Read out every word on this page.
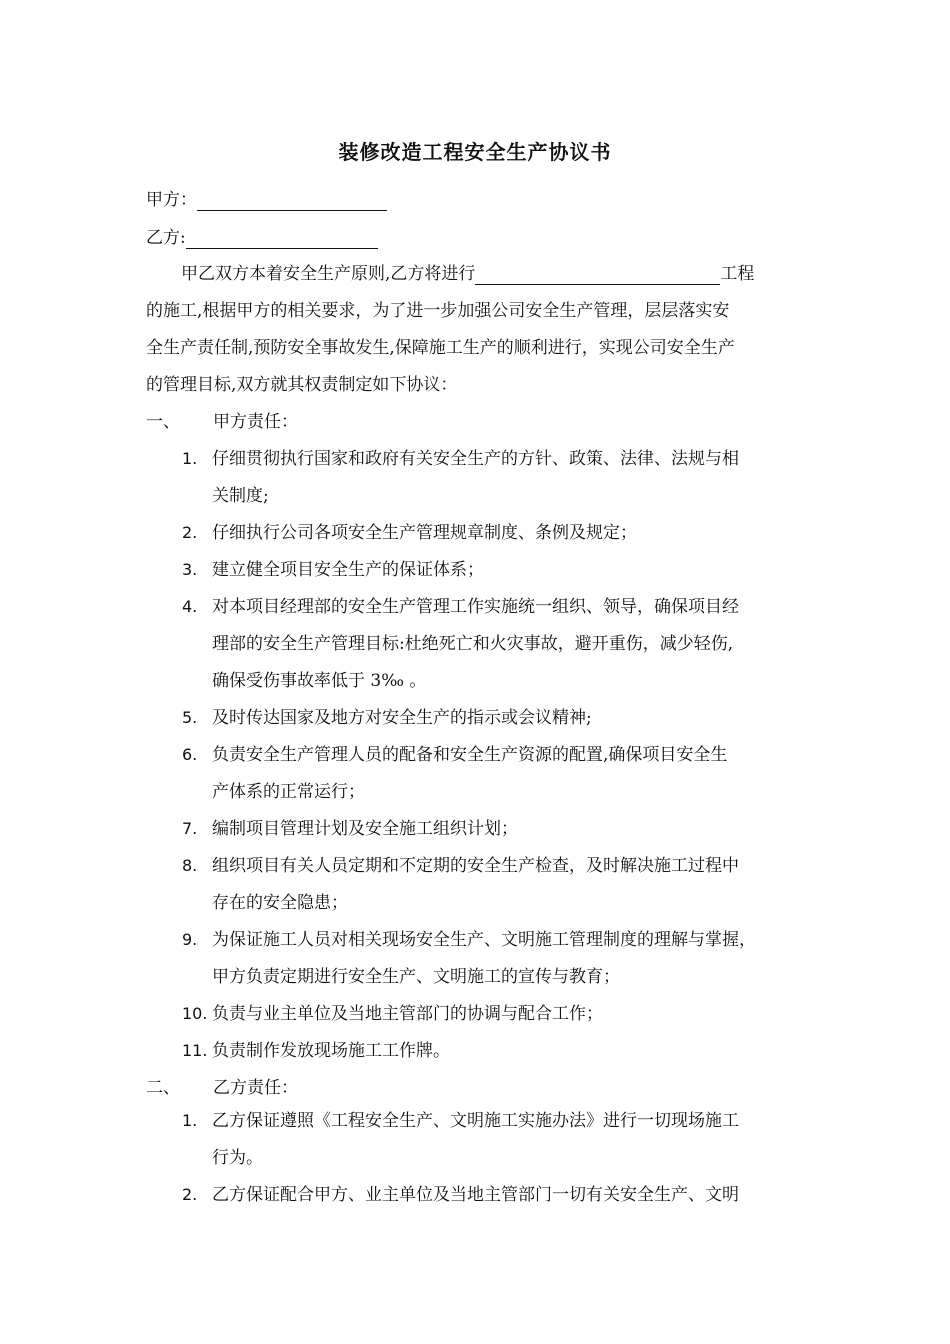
装修改造工程安全生产协议书
甲方：
乙方:
甲乙双方本着安全生产原则,乙方将进行	工程
的施工,根据甲方的相关要求，为了进一步加强公司安全生产管理，层层落实安
全生产责任制,预防安全事故发生,保障施工生产的顺利进行，实现公司安全生产
的管理目标,双方就其权责制定如下协议：
一、 甲方责任：
1. 仔细贯彻执行国家和政府有关安全生产的方针、政策、法律、法规与相
关制度;
2. 仔细执行公司各项安全生产管理规章制度、条例及规定；
3. 建立健全项目安全生产的保证体系；
4. 对本项目经理部的安全生产管理工作实施统一组织、领导，确保项目经
理部的安全生产管理目标:杜绝死亡和火灾事故，避开重伤，减少轻伤,
确保受伤事故率低于 3‰ 。
5. 及时传达国家及地方对安全生产的指示或会议精神;
6. 负责安全生产管理人员的配备和安全生产资源的配置,确保项目安全生
产体系的正常运行；
7. 编制项目管理计划及安全施工组织计划；
8. 组织项目有关人员定期和不定期的安全生产检查，及时解决施工过程中
存在的安全隐患；
9. 为保证施工人员对相关现场安全生产、文明施工管理制度的理解与掌握，
甲方负责定期进行安全生产、文明施工的宣传与教育；
10. 负责与业主单位及当地主管部门的协调与配合工作；
11. 负责制作发放现场施工工作牌。
二、 乙方责任：
1. 乙方保证遵照《工程安全生产、文明施工实施办法》进行一切现场施工
行为。
2. 乙方保证配合甲方、业主单位及当地主管部门一切有关安全生产、文明
